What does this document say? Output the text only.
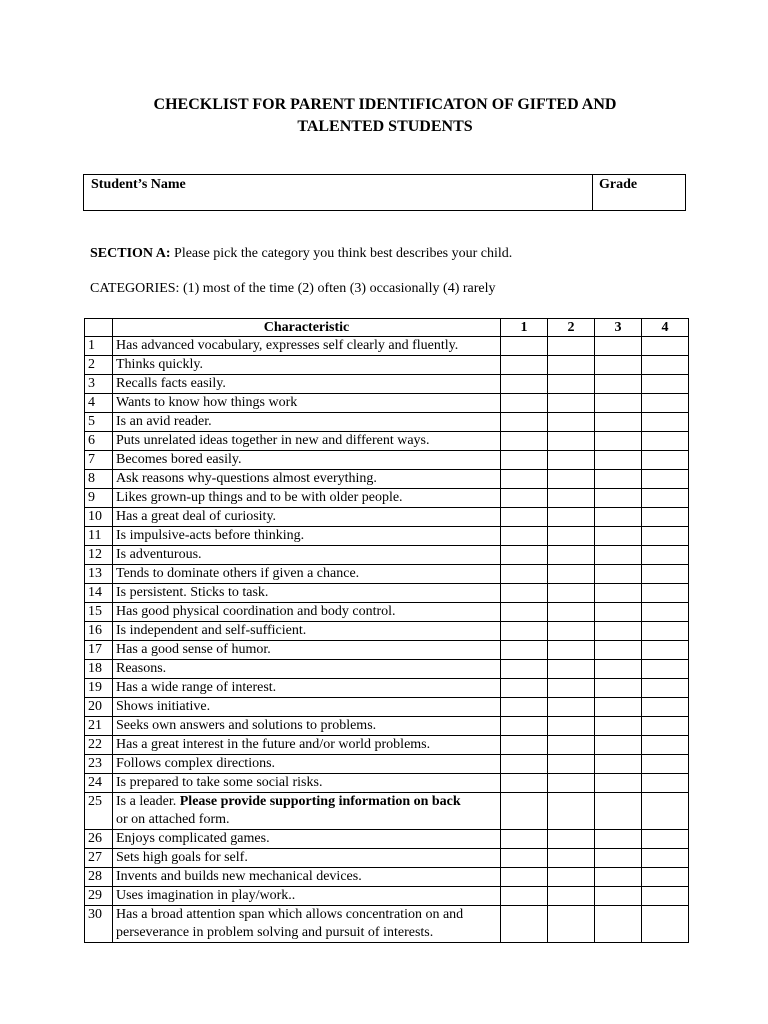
CHECKLIST FOR PARENT IDENTIFICATON OF GIFTED AND
TALENTED STUDENTS
Student’s Name	Grade
SECTION A: Please pick the category you think best describes your child.
CATEGORIES: (1) most of the time (2) often (3) occasionally (4) rarely
	Characteristic	1	2	3	4
1	Has advanced vocabulary, expresses self clearly and fluently.				
2	Thinks quickly.				
3	Recalls facts easily.				
4	Wants to know how things work				
5	Is an avid reader.				
6	Puts unrelated ideas together in new and different ways.				
7	Becomes bored easily.				
8	Ask reasons why-questions almost everything.				
9	Likes grown-up things and to be with older people.				
10	Has a great deal of curiosity.				
11	Is impulsive-acts before thinking.				
12	Is adventurous.				
13	Tends to dominate others if given a chance.				
14	Is persistent. Sticks to task.				
15	Has good physical coordination and body control.				
16	Is independent and self-sufficient.				
17	Has a good sense of humor.				
18	Reasons.				
19	Has a wide range of interest.				
20	Shows initiative.				
21	Seeks own answers and solutions to problems.				
22	Has a great interest in the future and/or world problems.				
23	Follows complex directions.				
24	Is prepared to take some social risks.				
25	Is a leader. Please provide supporting information on back
or on attached form.				
26	Enjoys complicated games.				
27	Sets high goals for self.				
28	Invents and builds new mechanical devices.				
29	Uses imagination in play/work..				
30	Has a broad attention span which allows concentration on and
perseverance in problem solving and pursuit of interests.				
